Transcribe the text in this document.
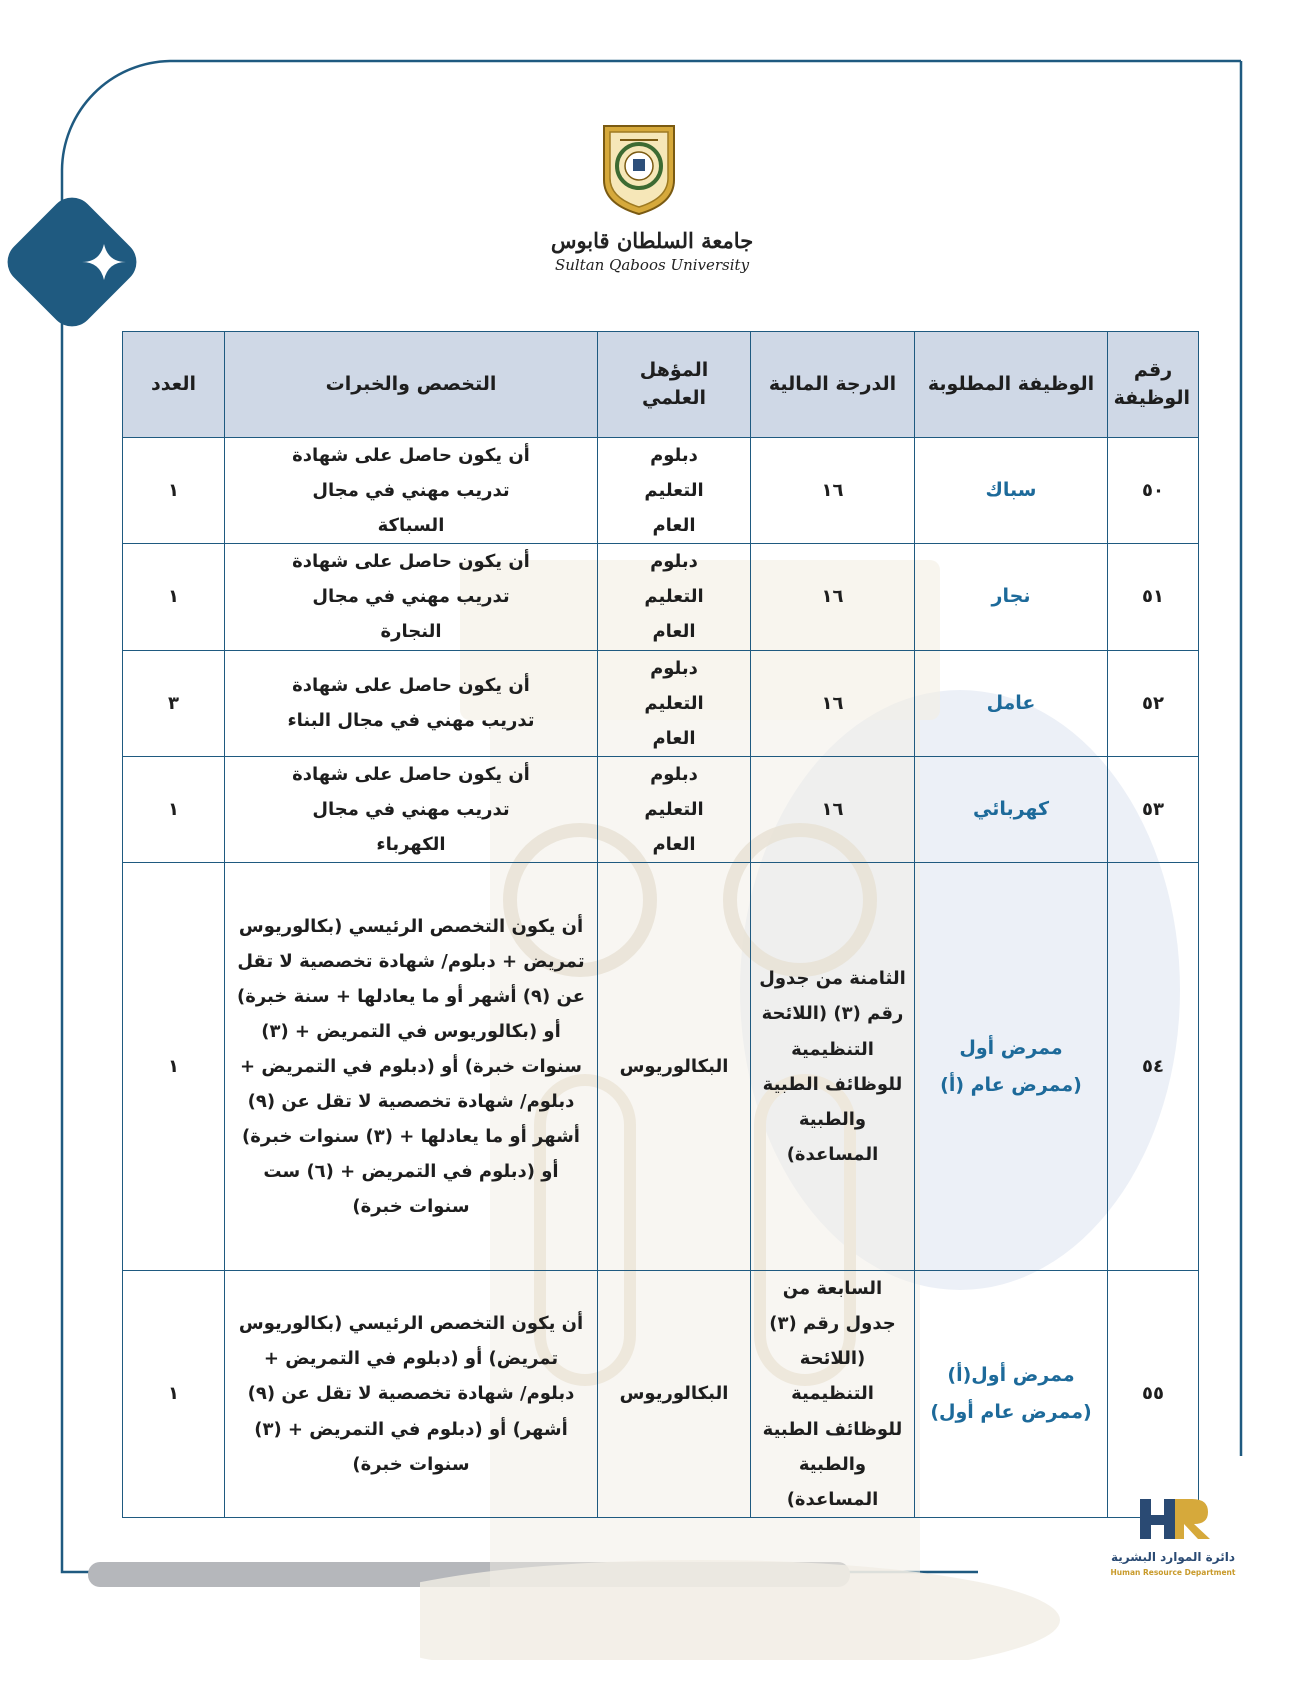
جامعة السلطان قابوس
Sultan Qaboos University
رقم الوظيفة	الوظيفة المطلوبة	الدرجة المالية	المؤهل العلمي	التخصص والخبرات	العدد
٥٠	سباك	١٦	دبلوم التعليم العام	أن يكون حاصل على شهادة تدريب مهني في مجال السباكة	١
٥١	نجار	١٦	دبلوم التعليم العام	أن يكون حاصل على شهادة تدريب مهني في مجال النجارة	١
٥٢	عامل	١٦	دبلوم التعليم العام	أن يكون حاصل على شهادة تدريب مهني في مجال البناء	٣
٥٣	كهربائي	١٦	دبلوم التعليم العام	أن يكون حاصل على شهادة تدريب مهني في مجال الكهرباء	١
٥٤	ممرض أول (ممرض عام (أ)	الثامنة من جدول رقم (٣) (اللائحة التنظيمية للوظائف الطبية والطبية المساعدة)	البكالوريوس	أن يكون التخصص الرئيسي (بكالوريوس تمريض + دبلوم/ شهادة تخصصية لا تقل عن (٩) أشهر أو ما يعادلها + سنة خبرة) أو (بكالوريوس في التمريض + (٣) سنوات خبرة) أو (دبلوم في التمريض + دبلوم/ شهادة تخصصية لا تقل عن (٩) أشهر أو ما يعادلها + (٣) سنوات خبرة) أو (دبلوم في التمريض + (٦) ست سنوات خبرة)	١
٥٥	ممرض أول(أ) (ممرض عام أول)	السابعة من جدول رقم (٣) (اللائحة التنظيمية للوظائف الطبية والطبية المساعدة)	البكالوريوس	أن يكون التخصص الرئيسي (بكالوريوس تمريض) أو (دبلوم في التمريض + دبلوم/ شهادة تخصصية لا تقل عن (٩) أشهر) أو (دبلوم في التمريض + (٣) سنوات خبرة)	١
دائرة الموارد البشرية
Human Resource Department
